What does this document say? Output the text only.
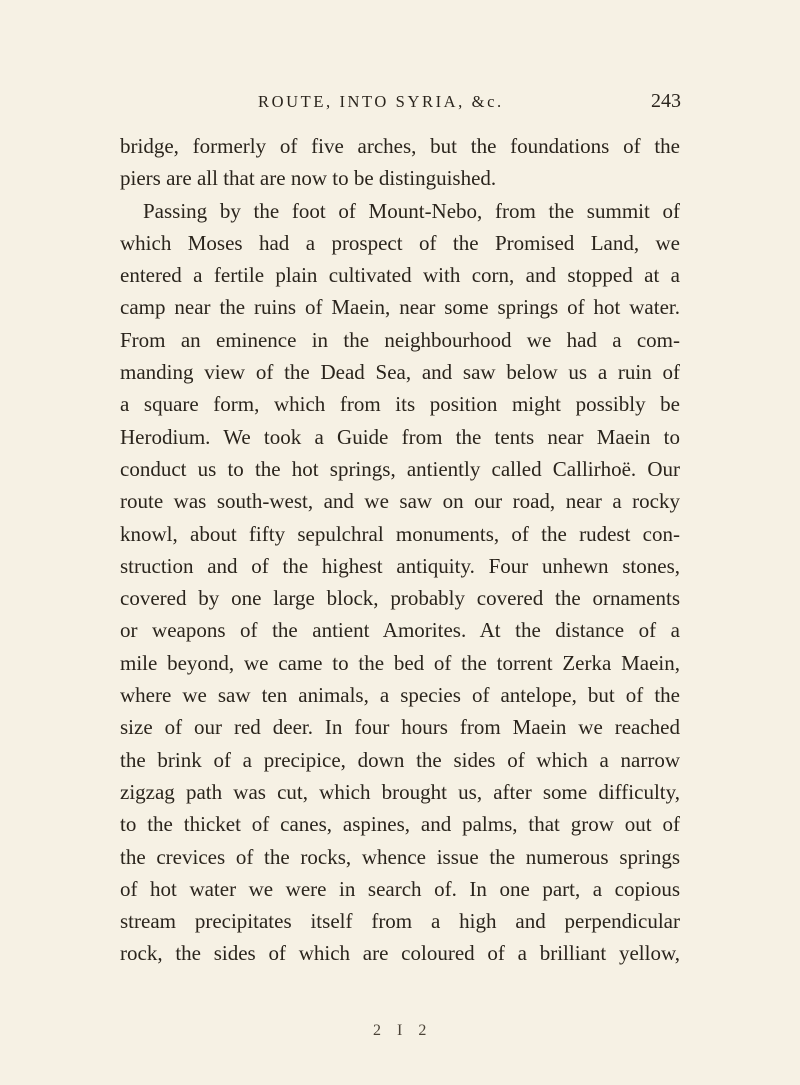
ROUTE, INTO SYRIA, &c.	243
bridge, formerly of five arches, but the foundations of the
piers are all that are now to be distinguished.
Passing by the foot of Mount-Nebo, from the summit of
which Moses had a prospect of the Promised Land, we
entered a fertile plain cultivated with corn, and stopped at a
camp near the ruins of Maein, near some springs of hot water.
From an eminence in the neighbourhood we had a com-
manding view of the Dead Sea, and saw below us a ruin of
a square form, which from its position might possibly be
Herodium. We took a Guide from the tents near Maein to
conduct us to the hot springs, antiently called Callirhoë. Our
route was south-west, and we saw on our road, near a rocky
knowl, about fifty sepulchral monuments, of the rudest con-
struction and of the highest antiquity. Four unhewn stones,
covered by one large block, probably covered the ornaments
or weapons of the antient Amorites. At the distance of a
mile beyond, we came to the bed of the torrent Zerka Maein,
where we saw ten animals, a species of antelope, but of the
size of our red deer. In four hours from Maein we reached
the brink of a precipice, down the sides of which a narrow
zigzag path was cut, which brought us, after some difficulty,
to the thicket of canes, aspines, and palms, that grow out of
the crevices of the rocks, whence issue the numerous springs
of hot water we were in search of. In one part, a copious
stream precipitates itself from a high and perpendicular
rock, the sides of which are coloured of a brilliant yellow,
2 I 2
